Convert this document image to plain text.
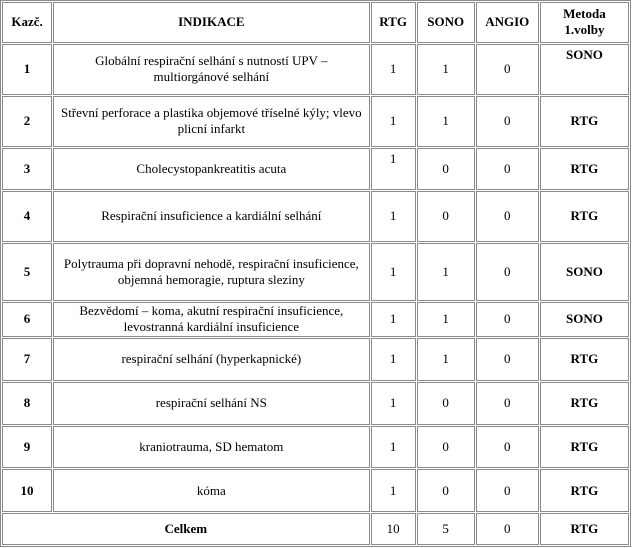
Kazč.	INDIKACE	RTG	SONO	ANGIO	Metoda
1.volby
1	Globální respirační selhání s nutností UPV – multiorgánové selhání	1	1	0	SONO
2	Střevní perforace a plastika objemové tříselné kýly; vlevo plicní infarkt	1	1	0	RTG
3	Cholecystopankreatitis acuta	1	0	0	RTG
4	Respirační insuficience a kardiální selhání	1	0	0	RTG
5	Polytrauma při dopravní nehodě, respirační insuficience, objemná hemoragie, ruptura sleziny	1	1	0	SONO
6	Bezvědomí – koma, akutní respirační insuficience, levostranná kardiální insuficience	1	1	0	SONO
7	respirační selhání (hyperkapnické)	1	1	0	RTG
8	respirační selhání NS	1	0	0	RTG
9	kraniotrauma, SD hematom	1	0	0	RTG
10	kóma	1	0	0	RTG
Celkem		10	5	0	RTG
